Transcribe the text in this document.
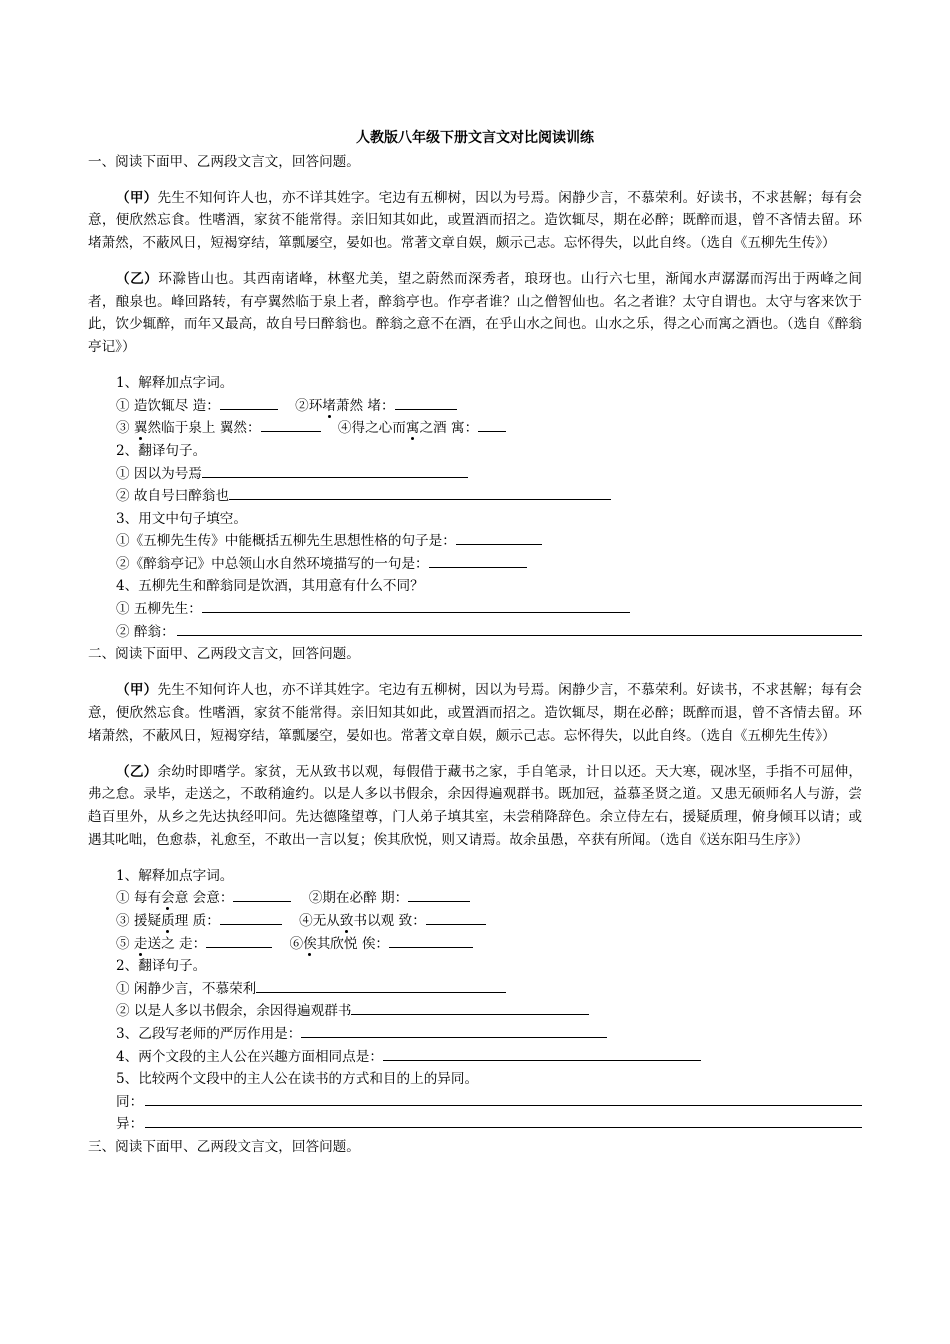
人教版八年级下册文言文对比阅读训练

一、阅读下面甲、乙两段文言文，回答问题。

（甲）先生不知何许人也，亦不详其姓字。宅边有五柳树，因以为号焉。闲静少言，不慕荣利。好读书，不求甚解；每有会意，便欣然忘食。性嗜酒，家贫不能常得。亲旧知其如此，或置酒而招之。造饮辄尽，期在必醉；既醉而退，曾不吝情去留。环堵萧然，不蔽风日，短褐穿结，箪瓢屡空，晏如也。常著文章自娱，颇示己志。忘怀得失，以此自终。（选自《五柳先生传》）

（乙）环滁皆山也。其西南诸峰，林壑尤美，望之蔚然而深秀者，琅玡也。山行六七里，渐闻水声潺潺而泻出于两峰之间者，酿泉也。峰回路转，有亭翼然临于泉上者，醉翁亭也。作亭者谁？山之僧智仙也。名之者谁？太守自谓也。太守与客来饮于此，饮少辄醉，而年又最高，故自号曰醉翁也。醉翁之意不在酒，在乎山水之间也。山水之乐，得之心而寓之酒也。（选自《醉翁亭记》）

1、解释加点字词。

① 造饮辄尽 造：	②环堵萧然 堵：

③ 翼然临于泉上 翼然：	④得之心而寓之酒 寓：

2、翻译句子。

① 因以为号焉

② 故自号曰醉翁也

3、用文中句子填空。

①《五柳先生传》中能概括五柳先生思想性格的句子是：

②《醉翁亭记》中总领山水自然环境描写的一句是：

4、五柳先生和醉翁同是饮酒，其用意有什么不同？

① 五柳先生：

② 醉翁：

二、阅读下面甲、乙两段文言文，回答问题。

（甲）先生不知何许人也，亦不详其姓字。宅边有五柳树，因以为号焉。闲静少言，不慕荣利。好读书，不求甚解；每有会意，便欣然忘食。性嗜酒，家贫不能常得。亲旧知其如此，或置酒而招之。造饮辄尽，期在必醉；既醉而退，曾不吝情去留。环堵萧然，不蔽风日，短褐穿结，箪瓢屡空，晏如也。常著文章自娱，颇示己志。忘怀得失，以此自终。（选自《五柳先生传》）

（乙）余幼时即嗜学。家贫，无从致书以观，每假借于藏书之家，手自笔录，计日以还。天大寒，砚冰坚，手指不可屈伸，弗之怠。录毕，走送之，不敢稍逾约。以是人多以书假余，余因得遍观群书。既加冠，益慕圣贤之道。又患无硕师名人与游，尝趋百里外，从乡之先达执经叩问。先达德隆望尊，门人弟子填其室，未尝稍降辞色。余立侍左右，援疑质理，俯身倾耳以请；或遇其叱咄，色愈恭，礼愈至，不敢出一言以复；俟其欣悦，则又请焉。故余虽愚，卒获有所闻。（选自《送东阳马生序》）

1、解释加点字词。

① 每有会意 会意：	②期在必醉 期：

③ 援疑质理 质：	④无从致书以观 致：

⑤ 走送之 走：	⑥俟其欣悦 俟：

2、翻译句子。

① 闲静少言，不慕荣利

② 以是人多以书假余，余因得遍观群书

3、乙段写老师的严厉作用是：

4、两个文段的主人公在兴趣方面相同点是：

5、比较两个文段中的主人公在读书的方式和目的上的异同。

同：
异：

三、阅读下面甲、乙两段文言文，回答问题。
